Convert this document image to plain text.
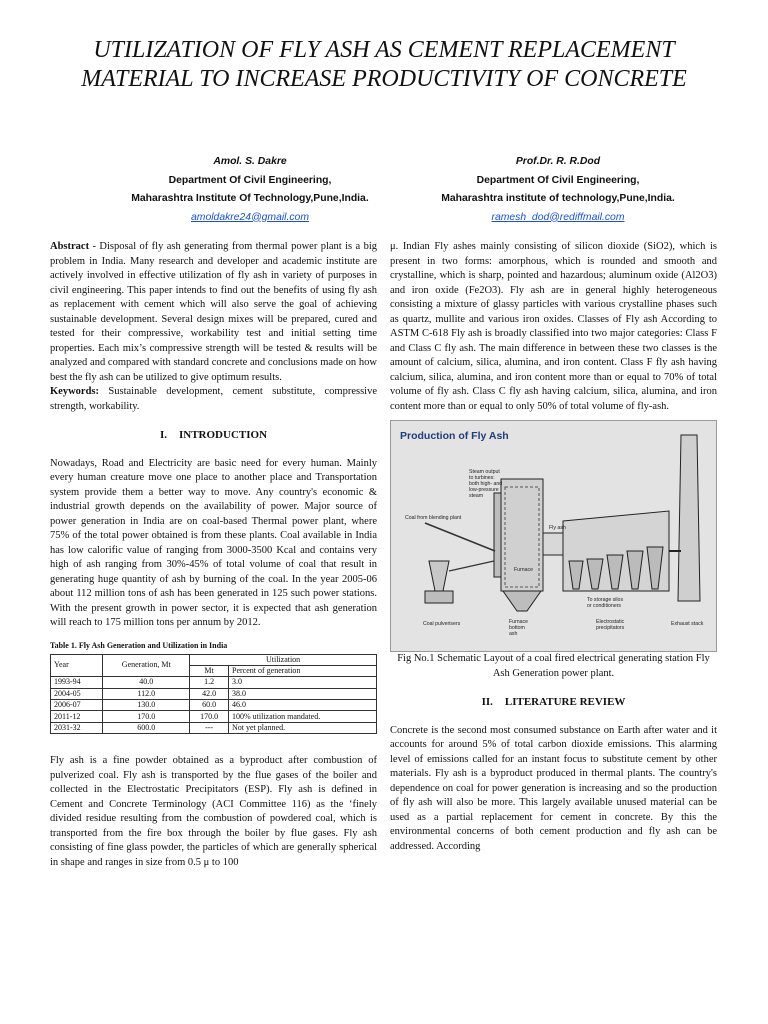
UTILIZATION OF FLY ASH AS CEMENT REPLACEMENT
MATERIAL TO INCREASE PRODUCTIVITY OF CONCRETE
Amol. S. Dakre
Department Of Civil Engineering,
Maharashtra Institute Of Technology,Pune,India.
amoldakre24@gmail.com
Prof.Dr. R. R.Dod
Department Of Civil Engineering,
Maharashtra institute of technology,Pune,India.
ramesh_dod@rediffmail.com

Abstract - Disposal of fly ash generating from thermal power plant is a big problem in India. Many research and developer and academic institute are actively involved in effective utilization of fly ash in variety of purposes in civil engineering. This paper intends to find out the benefits of using fly ash as replacement with cement which will also serve the goal of achieving sustainable development. Several design mixes will be prepared, cured and tested for their compressive, workability test and initial setting time properties. Each mix’s compressive strength will be tested & results will be analyzed and compared with standard concrete and conclusions made on how best the fly ash can be utilized to give optimum results.

Keywords: Sustainable development, cement substitute, compressive strength, workability.

I. INTRODUCTION

Nowadays, Road and Electricity are basic need for every human. Mainly every human creature move one place to another place and Transportation system provide them a better way to move. Any country's economic & industrial growth depends on the availability of power. Major source of power generation in India are on coal-based Thermal power plant, where 75% of the total power obtained is from these plants. Coal available in India has low calorific value of ranging from 3000-3500 Kcal and contains very high of ash ranging from 30%-45% of total volume of coal that result in generating huge quantity of ash by burning of the coal. In the year 2005-06 about 112 million tons of ash has been generated in 125 such power stations. With the present growth in power sector, it is expected that ash generation will reach to 175 million tons per annum by 2012.

Table 1. Fly Ash Generation and Utilization in India
Year	Generation, Mt	Utilization	
		Mt	Percent of generation
1993-94	40.0	1.2	3.0
2004-05	112.0	42.0	38.0
2006-07	130.0	60.0	46.0
2011-12	170.0	170.0	100% utilization mandated.
2031-32	600.0	---	Not yet planned.

Fly ash is a fine powder obtained as a byproduct after combustion of pulverized coal. Fly ash is transported by the flue gases of the boiler and collected in the Electrostatic Precipitators (ESP). Fly ash is defined in Cement and Concrete Terminology (ACI Committee 116) as the ‘finely divided residue resulting from the combustion of powdered coal, which is transported from the fire box through the boiler by flue gases. Fly ash consisting of fine glass powder, the particles of which are generally spherical in shape and ranges in size from 0.5 μ to 100

μ. Indian Fly ashes mainly consisting of silicon dioxide (SiO2), which is present in two forms: amorphous, which is rounded and smooth and crystalline, which is sharp, pointed and hazardous; aluminum oxide (Al2O3) and iron oxide (Fe2O3). Fly ash are in general highly heterogeneous consisting a mixture of glassy particles with various crystalline phases such as quartz, mullite and various iron oxides. Classes of Fly ash According to ASTM C-618 Fly ash is broadly classified into two major categories: Class F and Class C fly ash. The main difference in between these two classes is the amount of calcium, silica, alumina, and iron content. Class F fly ash having calcium, silica, alumina, and iron content more than or equal to 70% of total volume of fly ash. Class C fly ash having calcium, silica, alumina, and iron content more than or equal to only 50% of total volume of fly-ash.

Production of Fly Ash
Steam output to turbines: both high- and low-pressure steam
Coal from blending plant
Furnace
Fly ash
To storage silos or conditioners
Coal pulverisers	Furnace bottom ash
Electrostatic precipitators
Exhaust stack

Fig No.1 Schematic Layout of a coal fired electrical generating station Fly Ash Generation power plant.

II. LITERATURE REVIEW

Concrete is the second most consumed substance on Earth after water and it accounts for around 5% of total carbon dioxide emissions. This alarming level of emissions called for an instant focus to substitute cement by other materials. Fly ash is a byproduct produced in thermal plants. The country's dependence on coal for power generation is increasing and so the production of fly ash will also be more. This largely available unused material can be used as a partial replacement for cement in concrete. By this the environmental concerns of both cement production and fly ash can be addressed. According
